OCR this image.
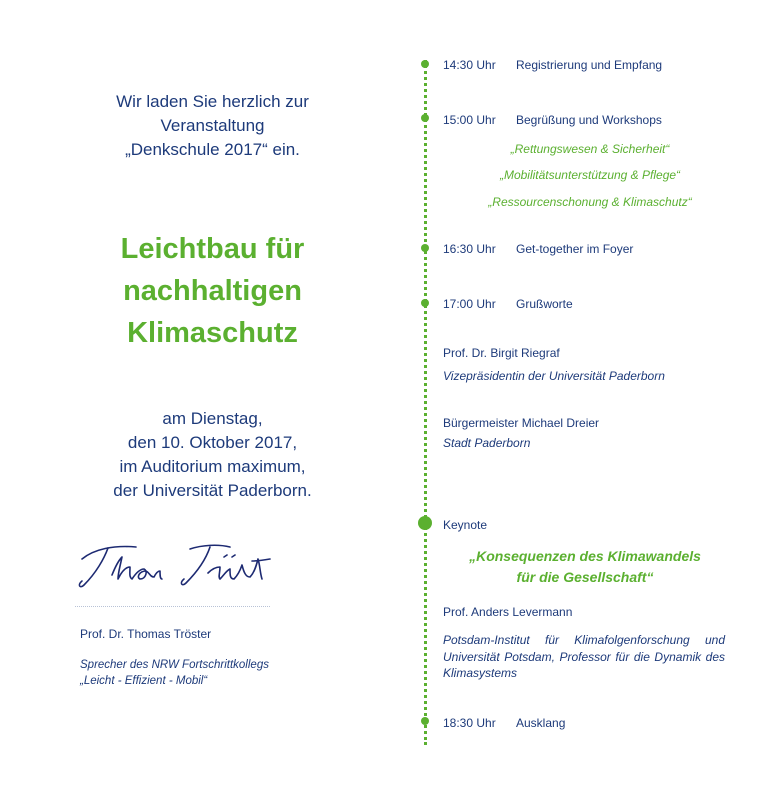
Wir laden Sie herzlich zur
Veranstaltung
„Denkschule 2017“ ein.
Leichtbau für
nachhaltigen
Klimaschutz
am Dienstag,
den 10. Oktober 2017,
im Auditorium maximum,
der Universität Paderborn.
Prof. Dr. Thomas Tröster
Sprecher des NRW Fortschrittkollegs
„Leicht - Effizient - Mobil“
14:30 Uhr Registrierung und Empfang
15:00 Uhr Begrüßung und Workshops
„Rettungswesen & Sicherheit“
„Mobilitätsunterstützung & Pflege“
„Ressourcenschonung & Klimaschutz“
16:30 Uhr Get-together im Foyer
17:00 Uhr Grußworte
Prof. Dr. Birgit Riegraf
Vizepräsidentin der Universität Paderborn
Bürgermeister Michael Dreier
Stadt Paderborn
Keynote
„Konsequenzen des Klimawandels
für die Gesellschaft“
Prof. Anders Levermann
Potsdam-Institut für Klimafolgenforschung und Universität Potsdam, Professor für die Dynamik des Klimasystems
18:30 Uhr Ausklang
